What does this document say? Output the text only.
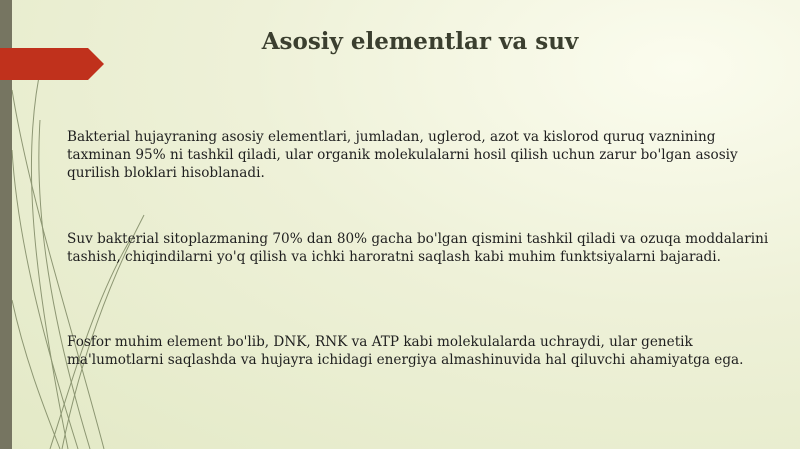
Asosiy elementlar va suv

Bakterial hujayraning asosiy elementlari, jumladan, uglerod, azot va kislorod quruq vaznining taxminan 95% ni tashkil qiladi, ular organik molekulalarni hosil qilish uchun zarur bo'lgan asosiy qurilish bloklari hisoblanadi.

Suv bakterial sitoplazmaning 70% dan 80% gacha bo'lgan qismini tashkil qiladi va ozuqa moddalarini tashish, chiqindilarni yo'q qilish va ichki haroratni saqlash kabi muhim funktsiyalarni bajaradi.

Fosfor muhim element bo'lib, DNK, RNK va ATP kabi molekulalarda uchraydi, ular genetik ma'lumotlarni saqlashda va hujayra ichidagi energiya almashinuvida hal qiluvchi ahamiyatga ega.
